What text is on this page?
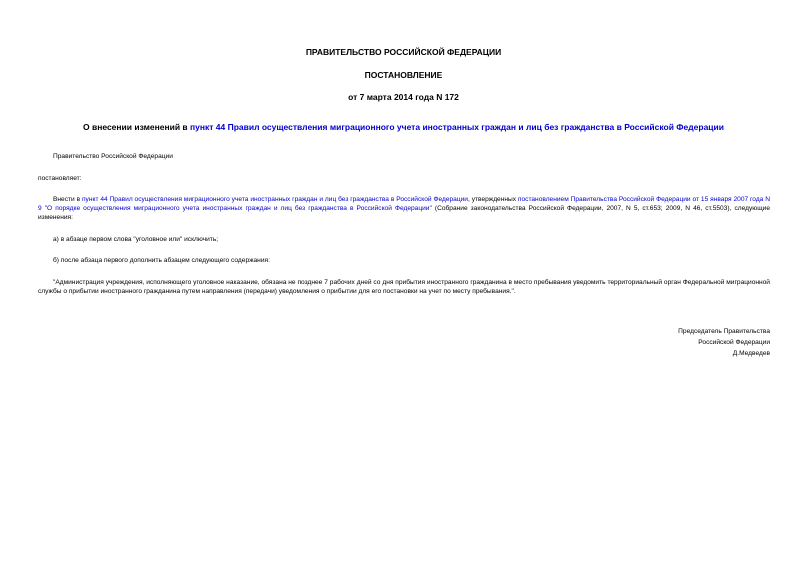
ПРАВИТЕЛЬСТВО РОССИЙСКОЙ ФЕДЕРАЦИИ
ПОСТАНОВЛЕНИЕ
от 7 марта 2014 года N 172
О внесении изменений в пункт 44 Правил осуществления миграционного учета иностранных граждан и лиц без гражданства в Российской Федерации
Правительство Российской Федерации
постановляет:
Внести в пункт 44 Правил осуществления миграционного учета иностранных граждан и лиц без гражданства в Российской Федерации, утвержденных постановлением Правительства Российской Федерации от 15 января 2007 года N 9 "О порядке осуществления миграционного учета иностранных граждан и лиц без гражданства в Российской Федерации" (Собрание законодательства Российской Федерации, 2007, N 5, ст.653; 2009, N 46, ст.5503), следующие изменения:
а) в абзаце первом слова "уголовное или" исключить;
б) после абзаца первого дополнить абзацем следующего содержания:
"Администрация учреждения, исполняющего уголовное наказание, обязана не позднее 7 рабочих дней со дня прибытия иностранного гражданина в место пребывания уведомить территориальный орган Федеральной миграционной службы о прибытии иностранного гражданина путем направления (передачи) уведомления о прибытии для его постановки на учет по месту пребывания.".
Председатель Правительства
Российской Федерации
Д.Медведев
